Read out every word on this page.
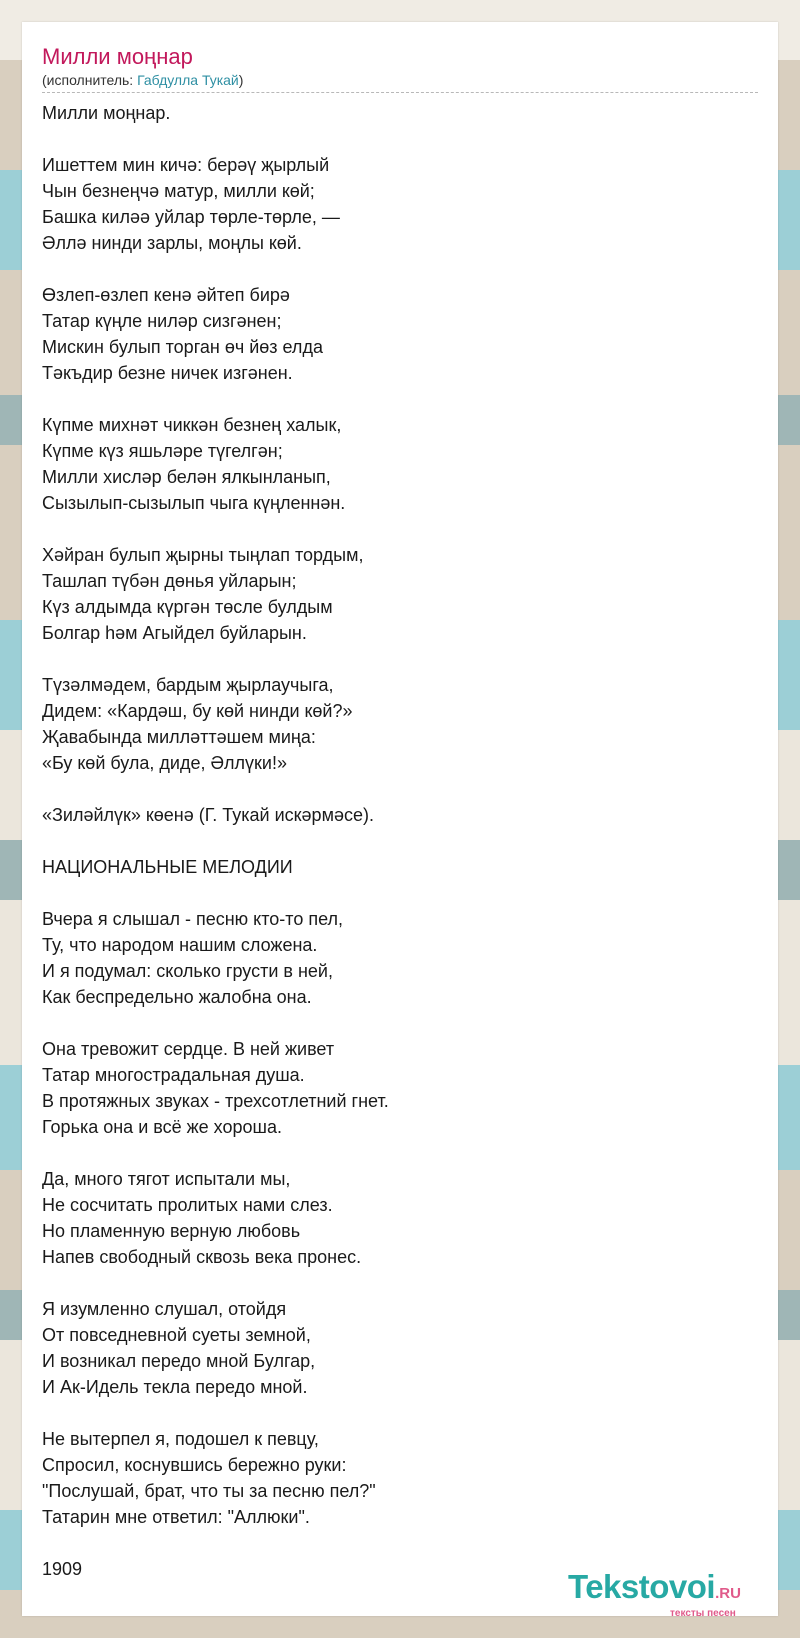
Милли моңнар
(исполнитель: Габдулла Тукай)
Милли моңнар.
Ишеттем мин кичә: берәү җырлый
Чын безнеңчә матур, милли көй;
Башка киләә уйлар төрле-төрле, —
Әллә нинди зарлы, моңлы көй.
Өзлеп-өзлеп кенә әйтеп бирә
Татар күңле ниләр сизгәнен;
Мискин булып торган өч йөз елда
Тәкъдир безне ничек изгәнен.
Күпме михнәт чиккән безнең халык,
Күпме күз яшьләре түгелгән;
Милли хисләр белән ялкынланып,
Сызылып-сызылып чыга күңленнән.
Хәйран булып җырны тыңлап тордым,
Ташлап түбән дөнья уйларын;
Күз алдымда күргән төсле булдым
Болгар һәм Агыйдел буйларын.
Түзәлмәдем, бардым җырлаучыга,
Дидем: «Кардәш, бу көй нинди көй?»
Җавабында милләттәшем миңа:
«Бу көй була, диде, Әллүки!»
«Зиләйлүк» көенә (Г. Тукай искәрмәсе).
НАЦИОНАЛЬНЫЕ МЕЛОДИИ
Вчера я слышал - песню кто-то пел,
Ту, что народом нашим сложена.
И я подумал: сколько грусти в ней,
Как беспредельно жалобна она.
Она тревожит сердце. В ней живет
Татар многострадальная душа.
В протяжных звуках - трехсотлетний гнет.
Горька она и всё же хороша.
Да, много тягот испытали мы,
Не сосчитать пролитых нами слез.
Но пламенную верную любовь
Напев свободный сквозь века пронес.
Я изумленно слушал, отойдя
От повседневной суеты земной,
И возникал передо мной Булгар,
И Ак-Идель текла передо мной.
Не вытерпел я, подошел к певцу,
Спросил, коснувшись бережно руки:
"Послушай, брат, что ты за песню пел?"
Татарин мне ответил: "Аллюки".
1909	Tekstovoi.RU
тексты песен
